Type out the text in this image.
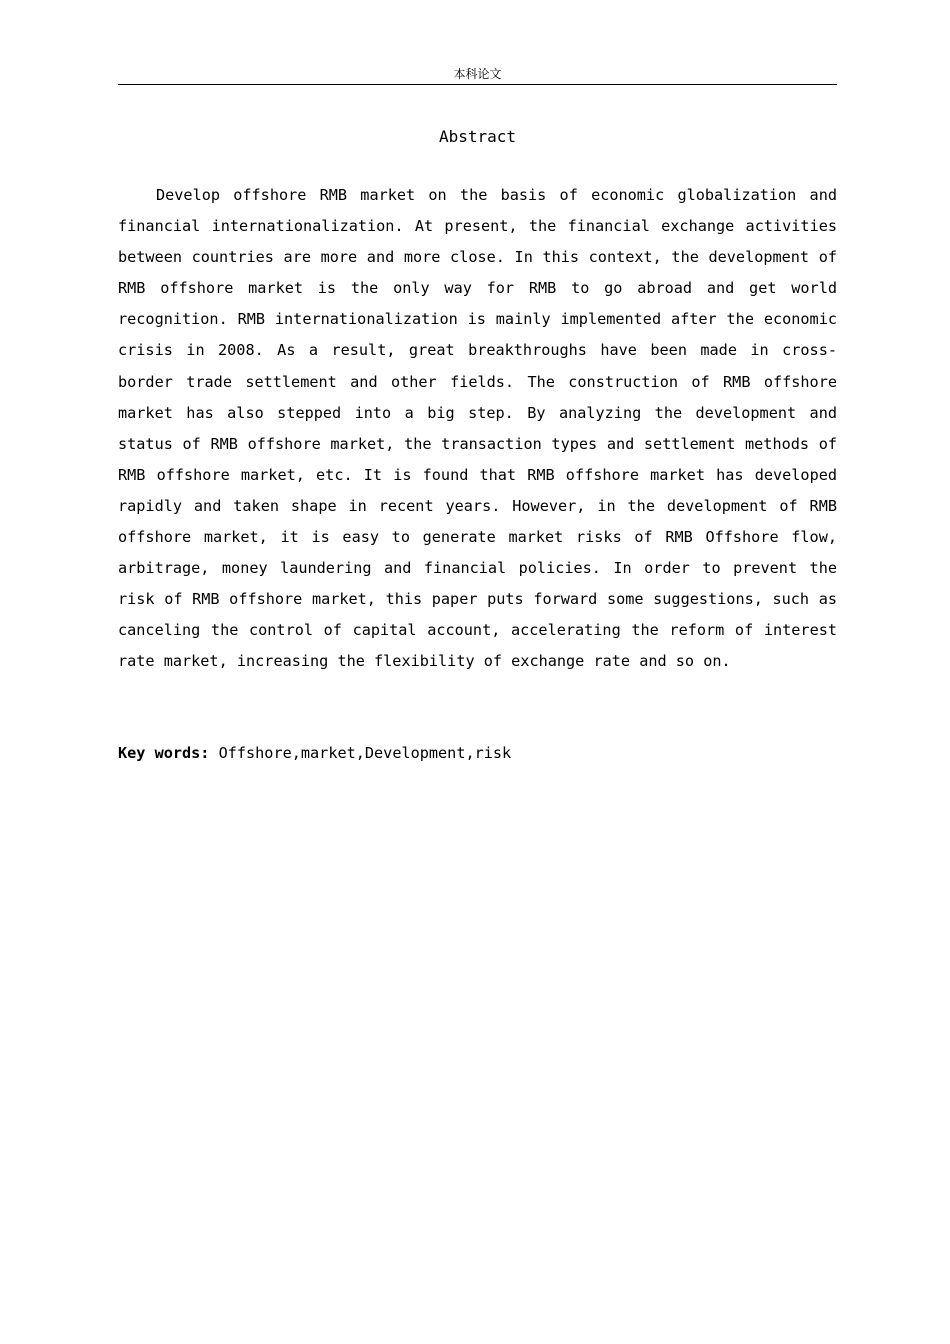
本科论文
Abstract

Develop offshore RMB market on the basis of economic globalization and financial internationalization. At present, the financial exchange activities between countries are more and more close. In this context, the development of RMB offshore market is the only way for RMB to go abroad and get world recognition. RMB internationalization is mainly implemented after the economic crisis in 2008. As a result, great breakthroughs have been made in cross-border trade settlement and other fields. The construction of RMB offshore market has also stepped into a big step. By analyzing the development and status of RMB offshore market, the transaction types and settlement methods of RMB offshore market, etc. It is found that RMB offshore market has developed rapidly and taken shape in recent years. However, in the development of RMB offshore market, it is easy to generate market risks of RMB Offshore flow, arbitrage, money laundering and financial policies. In order to prevent the risk of RMB offshore market, this paper puts forward some suggestions, such as canceling the control of capital account, accelerating the reform of interest rate market, increasing the flexibility of exchange rate and so on.

Key words: Offshore,market,Development,risk
